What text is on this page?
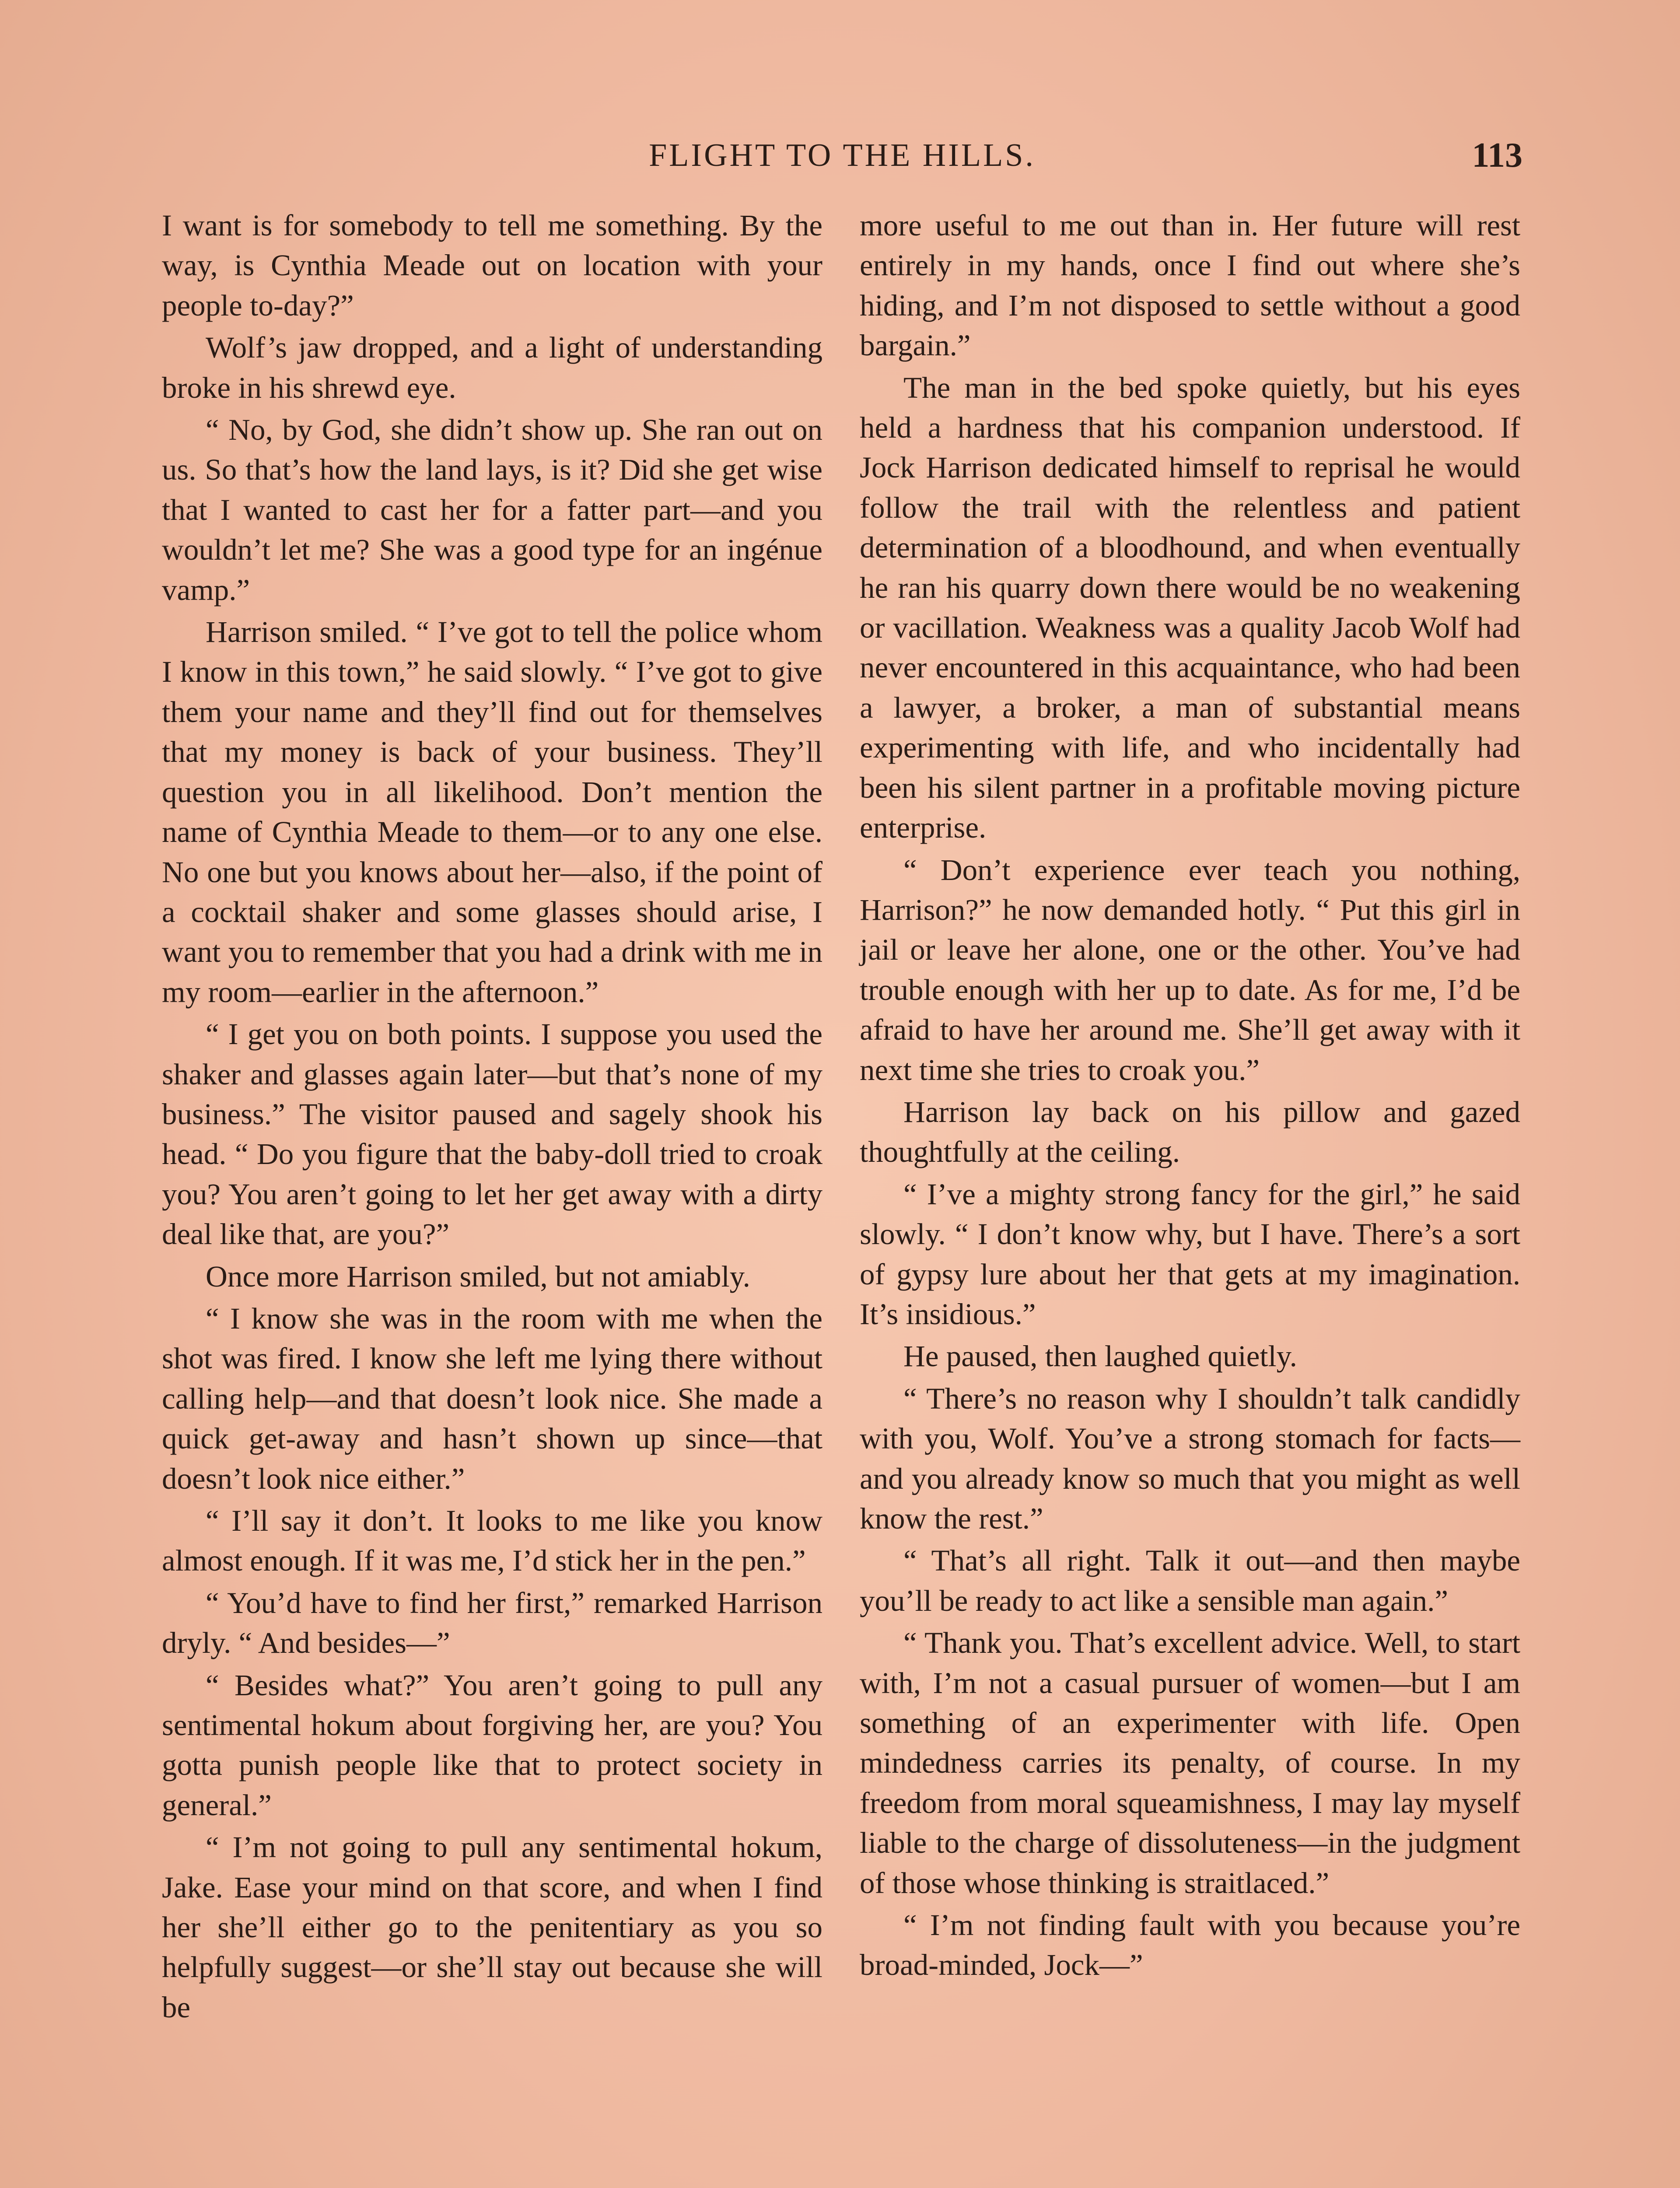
FLIGHT TO THE HILLS.	113

I want is for somebody to tell me something. By the way, is Cynthia Meade out on location with your people to-day?”

Wolf’s jaw dropped, and a light of understanding broke in his shrewd eye.

“ No, by God, she didn’t show up. She ran out on us. So that’s how the land lays, is it? Did she get wise that I wanted to cast her for a fatter part—and you wouldn’t let me? She was a good type for an ingénue vamp.”

Harrison smiled. “ I’ve got to tell the police whom I know in this town,” he said slowly. “ I’ve got to give them your name and they’ll find out for themselves that my money is back of your business. They’ll question you in all likelihood. Don’t mention the name of Cynthia Meade to them—or to any one else. No one but you knows about her—also, if the point of a cocktail shaker and some glasses should arise, I want you to remember that you had a drink with me in my room—earlier in the afternoon.”

“ I get you on both points. I suppose you used the shaker and glasses again later—but that’s none of my business.” The visitor paused and sagely shook his head. “ Do you figure that the baby-doll tried to croak you? You aren’t going to let her get away with a dirty deal like that, are you?”

Once more Harrison smiled, but not amiably.

“ I know she was in the room with me when the shot was fired. I know she left me lying there without calling help—and that doesn’t look nice. She made a quick get-away and hasn’t shown up since—that doesn’t look nice either.”

“ I’ll say it don’t. It looks to me like you know almost enough. If it was me, I’d stick her in the pen.”

“ You’d have to find her first,” remarked Harrison dryly. “ And besides—”

“ Besides what?” You aren’t going to pull any sentimental hokum about forgiving her, are you? You gotta punish people like that to protect society in general.”

“ I’m not going to pull any sentimental hokum, Jake. Ease your mind on that score, and when I find her she’ll either go to the penitentiary as you so helpfully suggest—or she’ll stay out because she will be

more useful to me out than in. Her future will rest entirely in my hands, once I find out where she’s hiding, and I’m not disposed to settle without a good bargain.”

The man in the bed spoke quietly, but his eyes held a hardness that his companion understood. If Jock Harrison dedicated himself to reprisal he would follow the trail with the relentless and patient determination of a bloodhound, and when eventually he ran his quarry down there would be no weakening or vacillation. Weakness was a quality Jacob Wolf had never encountered in this acquaintance, who had been a lawyer, a broker, a man of substantial means experimenting with life, and who incidentally had been his silent partner in a profitable moving picture enterprise.

“ Don’t experience ever teach you nothing, Harrison?” he now demanded hotly. “ Put this girl in jail or leave her alone, one or the other. You’ve had trouble enough with her up to date. As for me, I’d be afraid to have her around me. She’ll get away with it next time she tries to croak you.”

Harrison lay back on his pillow and gazed thoughtfully at the ceiling.

“ I’ve a mighty strong fancy for the girl,” he said slowly. “ I don’t know why, but I have. There’s a sort of gypsy lure about her that gets at my imagination. It’s insidious.”

He paused, then laughed quietly.

“ There’s no reason why I shouldn’t talk candidly with you, Wolf. You’ve a strong stomach for facts—and you already know so much that you might as well know the rest.”

“ That’s all right. Talk it out—and then maybe you’ll be ready to act like a sensible man again.”

“ Thank you. That’s excellent advice. Well, to start with, I’m not a casual pursuer of women—but I am something of an experimenter with life. Open mindedness carries its penalty, of course. In my freedom from moral squeamishness, I may lay myself liable to the charge of dissoluteness—in the judgment of those whose thinking is straitlaced.”

“ I’m not finding fault with you because you’re broad-minded, Jock—”
